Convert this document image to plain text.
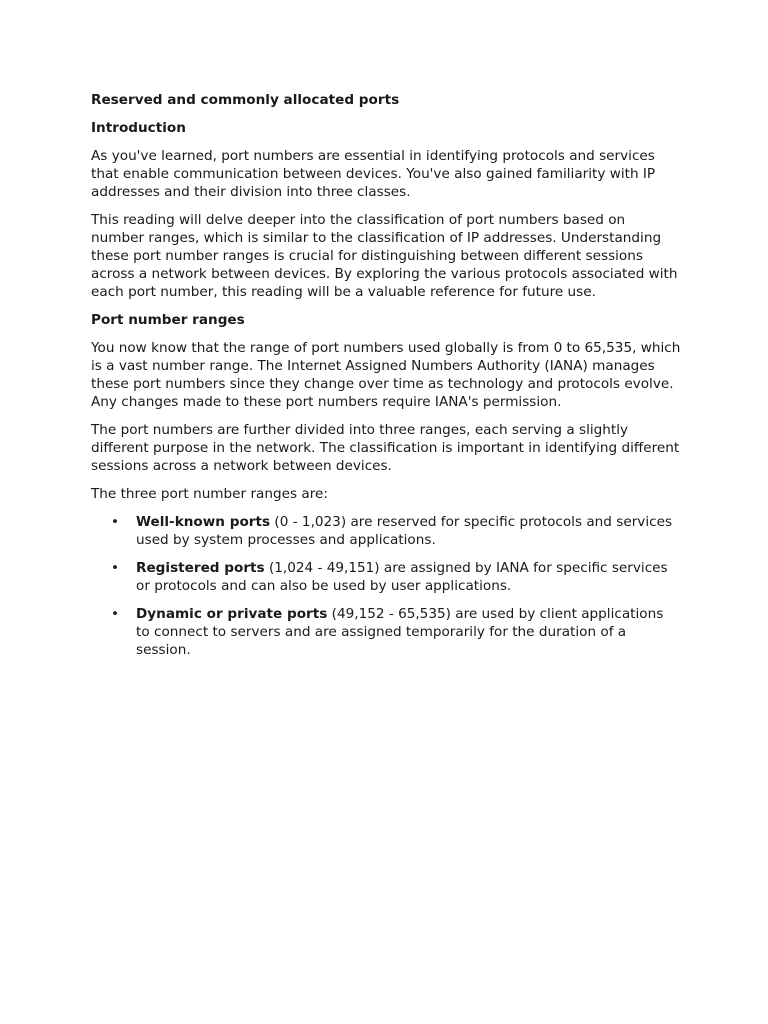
Reserved and commonly allocated ports
Introduction

As you've learned, port numbers are essential in identifying protocols and services that enable communication between devices. You've also gained familiarity with IP addresses and their division into three classes.

This reading will delve deeper into the classification of port numbers based on number ranges, which is similar to the classification of IP addresses. Understanding these port number ranges is crucial for distinguishing between different sessions across a network between devices. By exploring the various protocols associated with each port number, this reading will be a valuable reference for future use.

Port number ranges

You now know that the range of port numbers used globally is from 0 to 65,535, which is a vast number range. The Internet Assigned Numbers Authority (IANA) manages these port numbers since they change over time as technology and protocols evolve. Any changes made to these port numbers require IANA's permission.

The port numbers are further divided into three ranges, each serving a slightly different purpose in the network. The classification is important in identifying different sessions across a network between devices.

The three port number ranges are:

• Well-known ports (0 - 1,023) are reserved for specific protocols and services used by system processes and applications.
• Registered ports (1,024 - 49,151) are assigned by IANA for specific services or protocols and can also be used by user applications.
• Dynamic or private ports (49,152 - 65,535) are used by client applications to connect to servers and are assigned temporarily for the duration of a session.
